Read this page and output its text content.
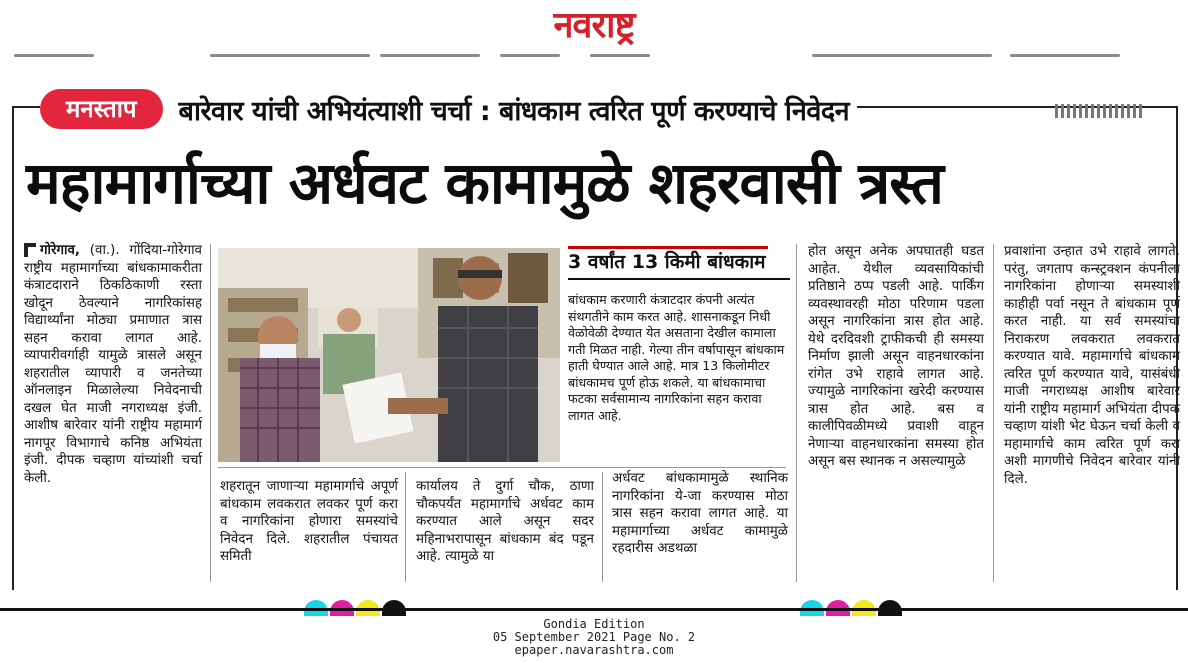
नवराष्ट्र
मनस्ताप	बारेवार यांची अभियंत्याशी चर्चा : बांधकाम त्वरित पूर्ण करण्याचे निवेदन
महामार्गाच्या अर्धवट कामामुळे शहरवासी त्रस्त

गोरेगाव, (वा.). गोंदिया-गोरेगाव राष्ट्रीय महामार्गाच्या बांधकामाकरीता कंत्राटदाराने ठिकठिकाणी रस्ता खोदून ठेवल्याने नागरिकांसह विद्यार्थ्यांना मोठ्या प्रमाणात त्रास सहन करावा लागत आहे. व्यापारीवर्गाही यामुळे त्रासले असून शहरातील व्यापारी व जनतेच्या ऑनलाइन मिळालेल्या निवेदनाची दखल घेत माजी नगराध्यक्ष इंजी. आशीष बारेवार यांनी राष्ट्रीय महामार्ग नागपूर विभागाचे कनिष्ठ अभियंता इंजी. दीपक चव्हाण यांच्यांशी चर्चा केली.

3 वर्षांत 13 किमी बांधकाम
बांधकाम करणारी कंत्राटदार कंपनी अत्यंत संथगतीने काम करत आहे. शासनाकडून निधी वेळोवेळी देण्यात येत असताना देखील कामाला गती मिळत नाही. गेल्या तीन वर्षापासून बांधकाम हाती घेण्यात आले आहे. मात्र 13 किलोमीटर बांधकामच पूर्ण होऊ शकले. या बांधकामाचा फटका सर्वसामान्य नागरिकांना सहन करावा लागत आहे.

शहरातून जाणाऱ्या महामार्गाचे अपूर्ण बांधकाम लवकरात लवकर पूर्ण करा व नागरिकांना होणारा समस्यांचे निवेदन दिले. शहरातील पंचायत समिती

कार्यालय ते दुर्गा चौक, ठाणा चौकपर्यंत महामार्गाचे अर्धवट काम करण्यात आले असून सदर महिनाभरापासून बांधकाम बंद पडून आहे. त्यामुळे या

अर्धवट बांधकामामुळे स्थानिक नागरिकांना ये-जा करण्यास मोठा त्रास सहन करावा लागत आहे. या महामार्गाच्या अर्धवट कामामुळे रहदारीस अडथळा

होत असून अनेक अपघातही घडत आहेत. येथील व्यवसायिकांची प्रतिष्ठाने ठप्प पडली आहे. पार्किंग व्यवस्थावरही मोठा परिणाम पडला असून नागरिकांना त्रास होत आहे. येथे दरदिवशी ट्राफीकची ही समस्या निर्माण झाली असून वाहनधारकांना रांगेत उभे राहावे लागत आहे. ज्यामुळे नागरिकांना खरेदी करण्यास त्रास होत आहे. बस व कालीपिवळीमध्ये प्रवाशी वाहून नेणाऱ्या वाहनधारकांना समस्या होत असून बस स्थानक न असल्यामुळे

प्रवाशांना उन्हात उभे राहावे लागते. परंतु, जगताप कन्स्ट्रक्शन कंपनीला नागरिकांना होणाऱ्या समस्याशी काहीही पर्वा नसून ते बांधकाम पूर्ण करत नाही. या सर्व समस्यांचा निराकरण लवकरात लवकरात करण्यात यावे. महामार्गाचे बांधकाम त्वरित पूर्ण करण्यात यावे, यासंबंधी माजी नगराध्यक्ष आशीष बारेवार यांनी राष्ट्रीय महामार्ग अभियंता दीपक चव्हाण यांशी भेट घेऊन चर्चा केली व महामार्गाचे काम त्वरित पूर्ण करा अशी मागणीचे निवेदन बारेवार यांनी दिले.

Gondia Edition
05 September 2021 Page No. 2
epaper.navarashtra.com
